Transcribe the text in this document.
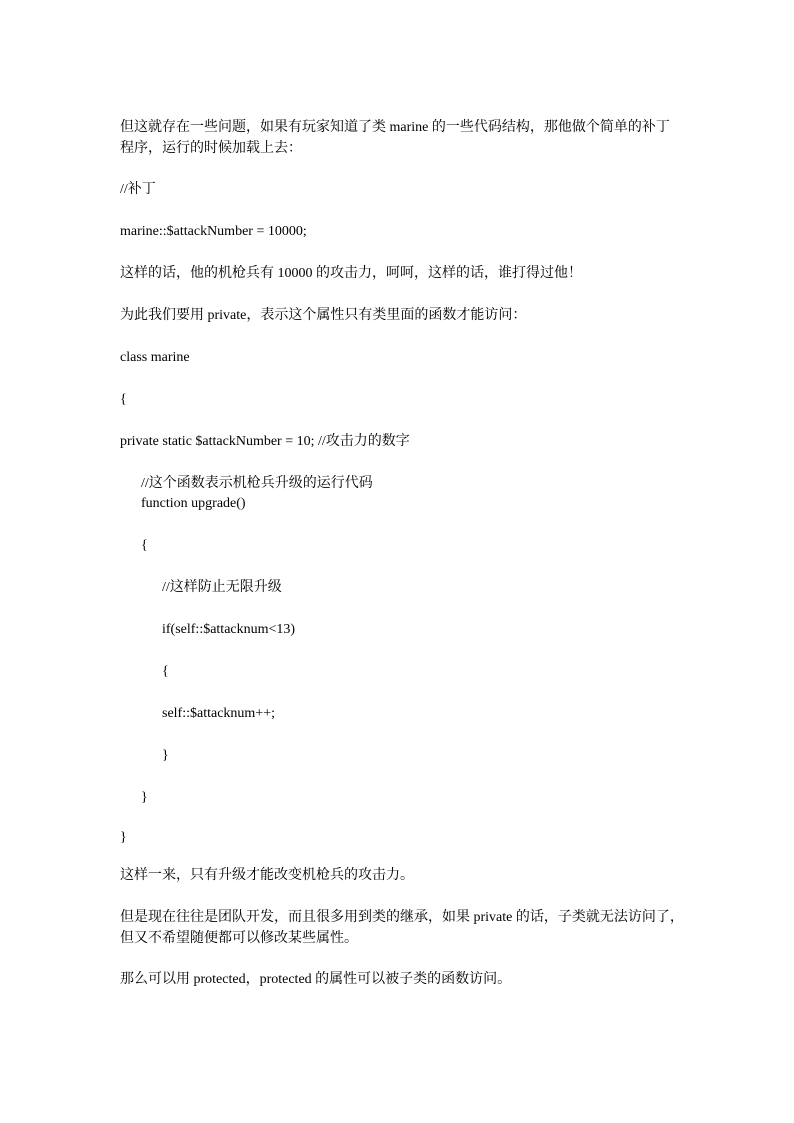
但这就存在一些问题，如果有玩家知道了类 marine 的一些代码结构，那他做个简单的补丁
程序，运行的时候加载上去：
//补丁
marine::$attackNumber = 10000;
这样的话，他的机枪兵有 10000 的攻击力，呵呵，这样的话，谁打得过他！
为此我们要用 private，表示这个属性只有类里面的函数才能访问：
class marine
{
private static $attackNumber = 10; //攻击力的数字
//这个函数表示机枪兵升级的运行代码
function upgrade()
{
//这样防止无限升级
if(self::$attacknum<13)
{
self::$attacknum++;
}
}
}
这样一来，只有升级才能改变机枪兵的攻击力。
但是现在往往是团队开发，而且很多用到类的继承，如果 private 的话，子类就无法访问了，
但又不希望随便都可以修改某些属性。
那么可以用 protected，protected 的属性可以被子类的函数访问。
